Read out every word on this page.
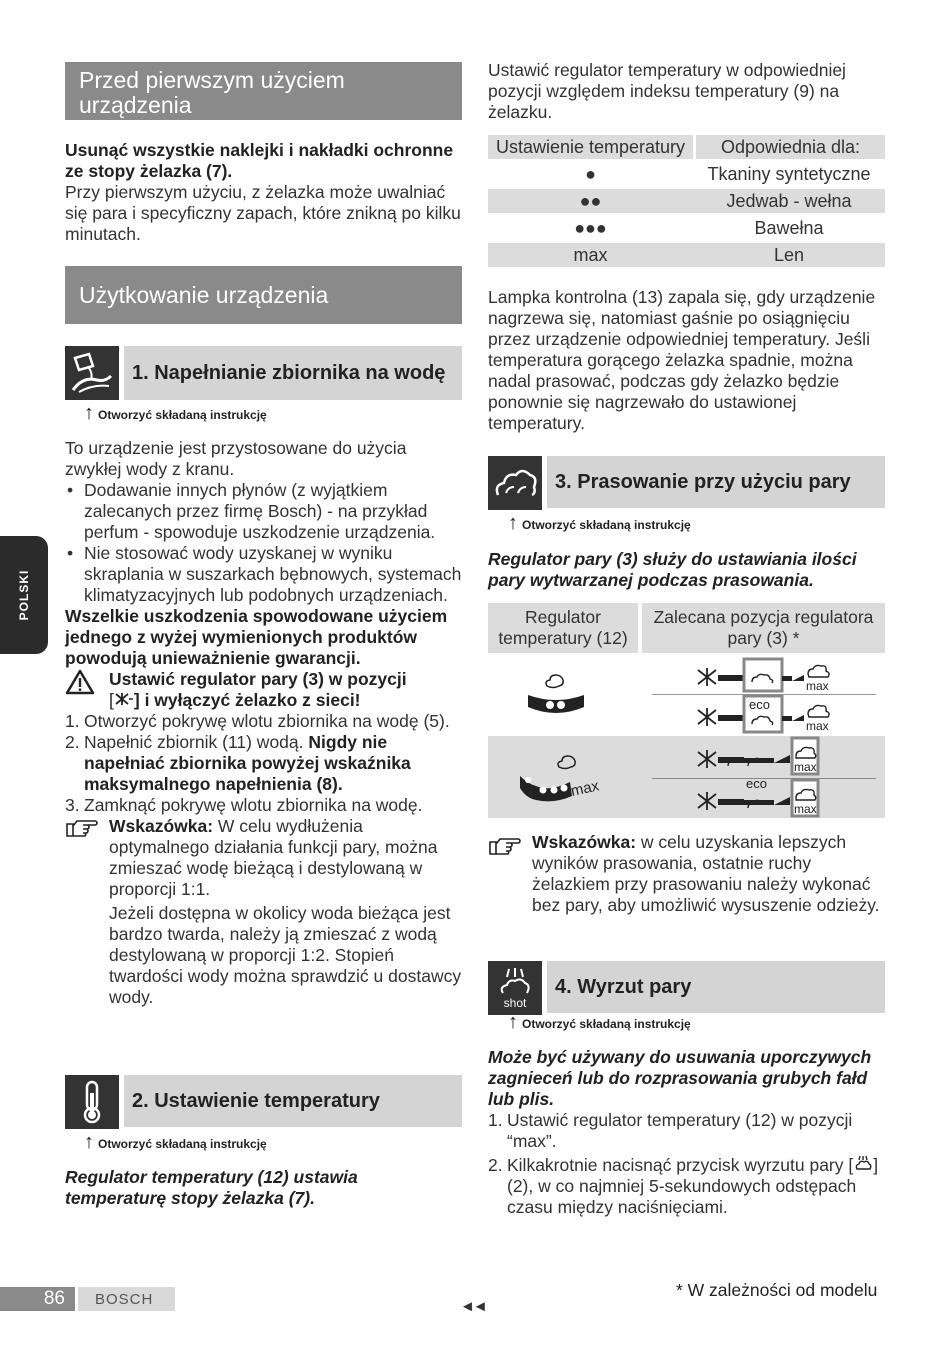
POLSKI
Przed pierwszym użyciem urządzenia
Usunąć wszystkie naklejki i nakładki ochronne ze stopy żelazka (7).
Przy pierwszym użyciu, z żelazka może uwalniać się para i specyficzny zapach, które znikną po kilku minutach.
Użytkowanie urządzenia
1. Napełnianie zbiornika na wodę
↑ Otworzyć składaną instrukcję
To urządzenie jest przystosowane do użycia zwykłej wody z kranu.
• Dodawanie innych płynów (z wyjątkiem zalecanych przez firmę Bosch) - na przykład perfum - spowoduje uszkodzenie urządzenia.
• Nie stosować wody uzyskanej w wyniku skraplania w suszarkach bębnowych, systemach klimatyzacyjnych lub podobnych urządzeniach.
Wszelkie uszkodzenia spowodowane użyciem jednego z wyżej wymienionych produktów powodują unieważnienie gwarancji.
Ustawić regulator pary (3) w pozycji
[ ] i wyłączyć żelazko z sieci!
1. Otworzyć pokrywę wlotu zbiornika na wodę (5).
2. Napełnić zbiornik (11) wodą. Nigdy nie napełniać zbiornika powyżej wskaźnika maksymalnego napełnienia (8).
3. Zamknąć pokrywę wlotu zbiornika na wodę.
Wskazówka: W celu wydłużenia optymalnego działania funkcji pary, można zmieszać wodę bieżącą i destylowaną w proporcji 1:1.
Jeżeli dostępna w okolicy woda bieżąca jest bardzo twarda, należy ją zmieszać z wodą destylowaną w proporcji 1:2. Stopień twardości wody można sprawdzić u dostawcy wody.
2. Ustawienie temperatury
↑ Otworzyć składaną instrukcję
Regulator temperatury (12) ustawia temperaturę stopy żelazka (7).
Ustawić regulator temperatury w odpowiedniej pozycji względem indeksu temperatury (9) na żelazku.
Ustawienie temperatury	Odpowiednia dla:
●	Tkaniny syntetyczne
●●	Jedwab - wełna
●●●	Bawełna
max	Len
Lampka kontrolna (13) zapala się, gdy urządzenie nagrzewa się, natomiast gaśnie po osiągnięciu przez urządzenie odpowiedniej temperatury. Jeśli temperatura gorącego żelazka spadnie, można nadal prasować, podczas gdy żelazko będzie ponownie się nagrzewało do ustawionej temperatury.
3. Prasowanie przy użyciu pary
↑ Otworzyć składaną instrukcję
Regulator pary (3) służy do ustawiania ilości pary wytwarzanej podczas prasowania.
Regulator temperatury (12)
Zalecana pozycja regulatora pary (3) *
max
max
eco
max
max
eco
max
Wskazówka: w celu uzyskania lepszych wyników prasowania, ostatnie ruchy żelazkiem przy prasowaniu należy wykonać bez pary, aby umożliwić wysuszenie odzieży.
shot
4. Wyrzut pary
↑ Otworzyć składaną instrukcję
Może być używany do usuwania uporczywych zagnieceń lub do rozprasowania grubych fałd lub plis.
1. Ustawić regulator temperatury (12) w pozycji “max”.
2. Kilkakrotnie nacisnąć przycisk wyrzutu pary [ ] (2), w co najmniej 5-sekundowych odstępach czasu między naciśnięciami.
* W zależności od modelu
86 BOSCH	◄◄
